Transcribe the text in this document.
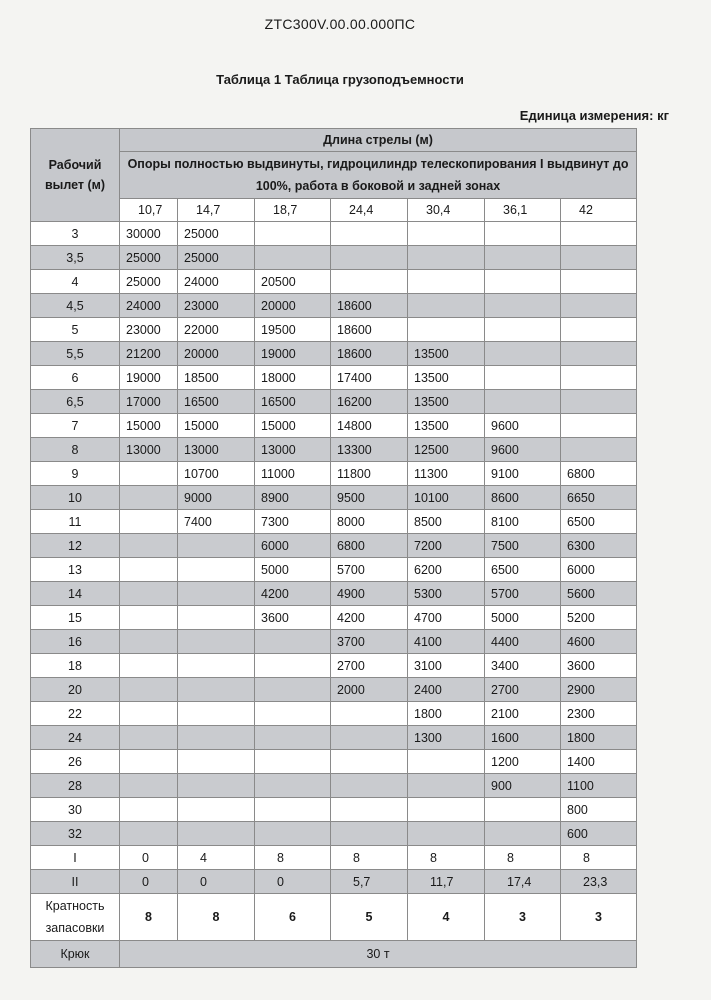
ZTC300V.00.00.000ПС
Таблица 1 Таблица грузоподъемности
Единица измерения: кг
Рабочий вылет (м)	Длина стрелы (м)						
	Опоры полностью выдвинуты, гидроцилиндр телескопирования I выдвинут до 100%, работа в боковой и задней зонах						
	10,7	14,7	18,7	24,4	30,4	36,1	42
3	30000	25000					
3,5	25000	25000					
4	25000	24000	20500				
4,5	24000	23000	20000	18600			
5	23000	22000	19500	18600			
5,5	21200	20000	19000	18600	13500		
6	19000	18500	18000	17400	13500		
6,5	17000	16500	16500	16200	13500		
7	15000	15000	15000	14800	13500	9600	
8	13000	13000	13000	13300	12500	9600	
9		10700	11000	11800	11300	9100	6800
10		9000	8900	9500	10100	8600	6650
11		7400	7300	8000	8500	8100	6500
12			6000	6800	7200	7500	6300
13			5000	5700	6200	6500	6000
14			4200	4900	5300	5700	5600
15			3600	4200	4700	5000	5200
16				3700	4100	4400	4600
18				2700	3100	3400	3600
20				2000	2400	2700	2900
22					1800	2100	2300
24					1300	1600	1800
26						1200	1400
28						900	1100
30							800
32							600
I	0	4	8	8	8	8	8
II	0	0	0	5,7	11,7	17,4	23,3
Кратность запасовки	8	8	6	5	4	3	3
Крюк	30 т						
